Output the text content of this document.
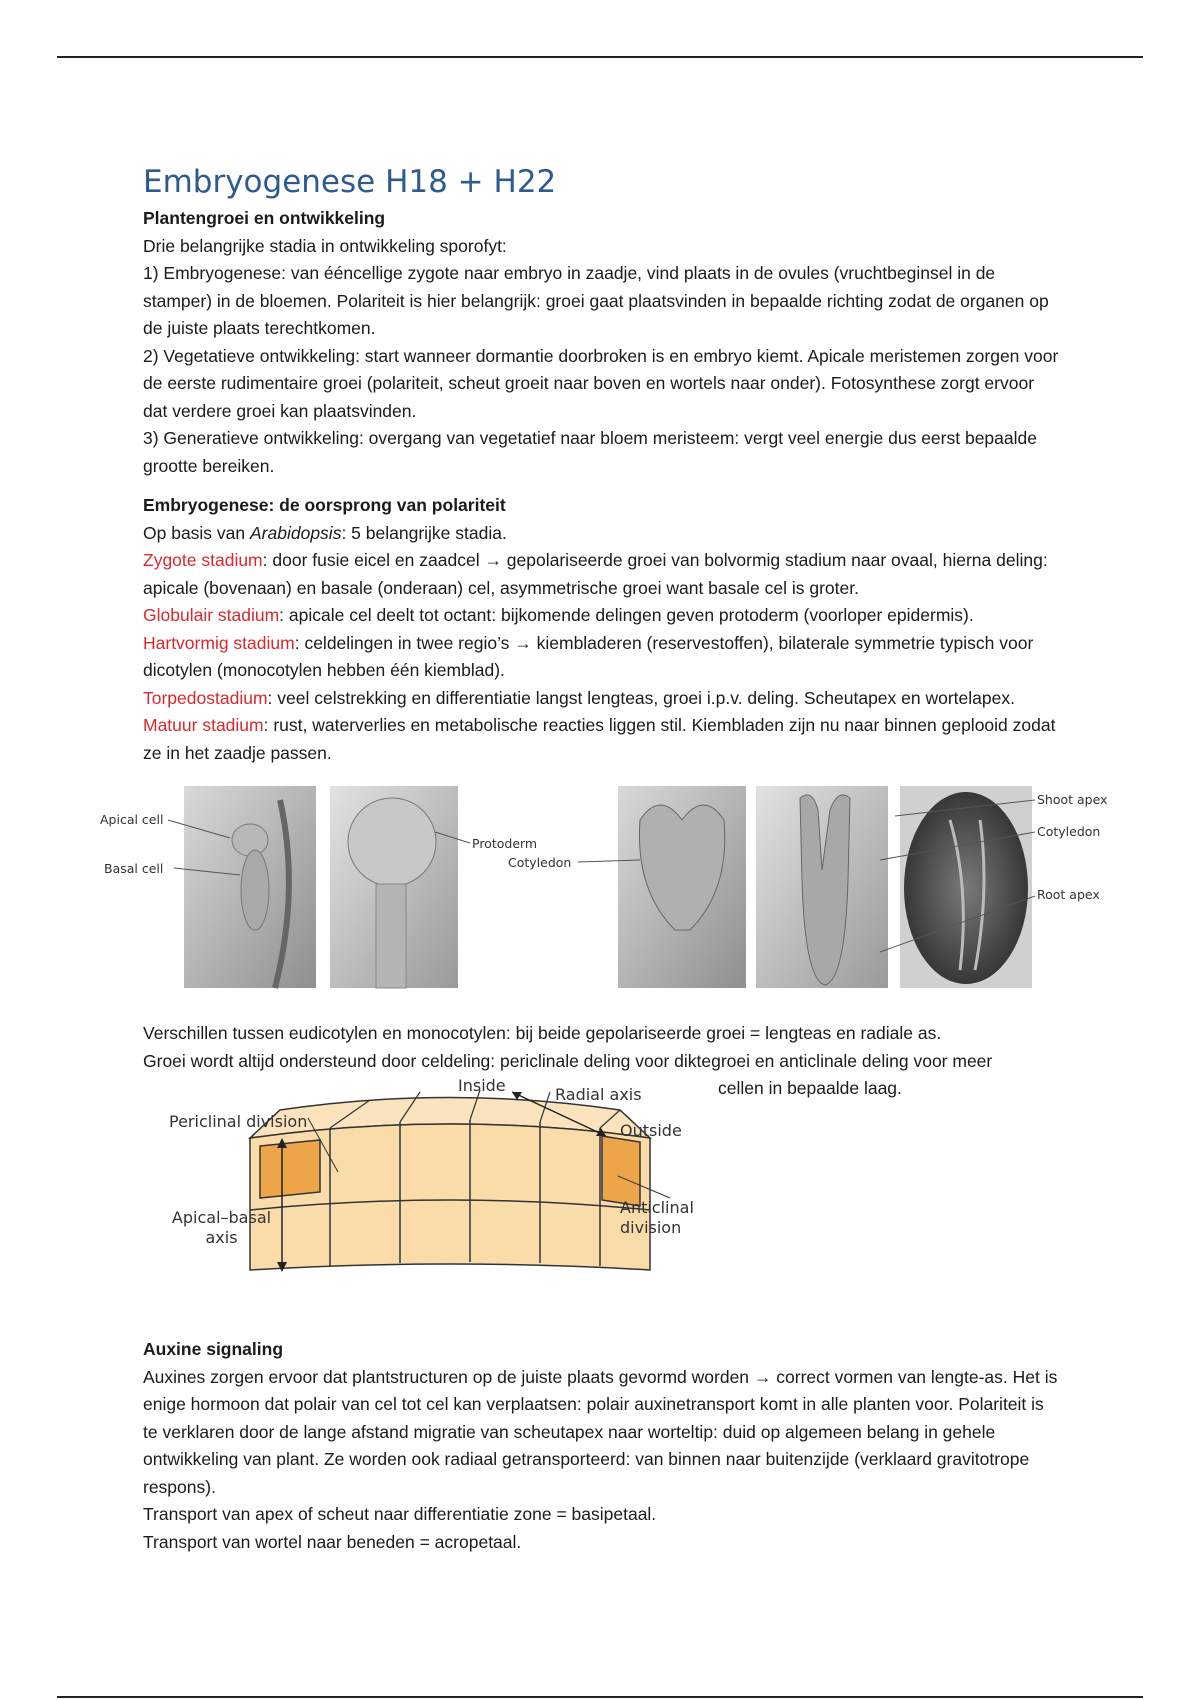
Embryogenese H18 + H22
Plantengroei en ontwikkeling

Drie belangrijke stadia in ontwikkeling sporofyt:

1) Embryogenese: van ééncellige zygote naar embryo in zaadje, vind plaats in de ovules (vruchtbeginsel in de stamper) in de bloemen. Polariteit is hier belangrijk: groei gaat plaatsvinden in bepaalde richting zodat de organen op de juiste plaats terechtkomen.

2) Vegetatieve ontwikkeling: start wanneer dormantie doorbroken is en embryo kiemt. Apicale meristemen zorgen voor de eerste rudimentaire groei (polariteit, scheut groeit naar boven en wortels naar onder). Fotosynthese zorgt ervoor dat verdere groei kan plaatsvinden.

3) Generatieve ontwikkeling: overgang van vegetatief naar bloem meristeem: vergt veel energie dus eerst bepaalde grootte bereiken.

Embryogenese: de oorsprong van polariteit

Op basis van Arabidopsis: 5 belangrijke stadia.

Zygote stadium: door fusie eicel en zaadcel → gepolariseerde groei van bolvormig stadium naar ovaal, hierna deling: apicale (bovenaan) en basale (onderaan) cel, asymmetrische groei want basale cel is groter.

Globulair stadium: apicale cel deelt tot octant: bijkomende delingen geven protoderm (voorloper epidermis).

Hartvormig stadium: celdelingen in twee regio’s → kiembladeren (reservestoffen), bilaterale symmetrie typisch voor dicotylen (monocotylen hebben één kiemblad).

Torpedostadium: veel celstrekking en differentiatie langst lengteas, groei i.p.v. deling. Scheutapex en wortelapex.

Matuur stadium: rust, waterverlies en metabolische reacties liggen stil. Kiembladen zijn nu naar binnen geplooid zodat ze in het zaadje passen.

Apical cell
Basal cell
Protoderm
Cotyledon
Shoot apex
Cotyledon
Root apex

Verschillen tussen eudicotylen en monocotylen: bij beide gepolariseerde groei = lengteas en radiale as.

Groei wordt altijd ondersteund door celdeling: periclinale deling voor diktegroei en anticlinale deling voor meer

cellen in bepaalde laag.

Inside	Radial axis
Outside
Periclinal division
Apical–basal
axis
Anticlinal
division
Auxine signaling

Auxines zorgen ervoor dat plantstructuren op de juiste plaats gevormd worden → correct vormen van lengte-as. Het is enige hormoon dat polair van cel tot cel kan verplaatsen: polair auxinetransport komt in alle planten voor. Polariteit is te verklaren door de lange afstand migratie van scheutapex naar worteltip: duid op algemeen belang in gehele ontwikkeling van plant. Ze worden ook radiaal getransporteerd: van binnen naar buitenzijde (verklaard gravitotrope respons).

Transport van apex of scheut naar differentiatie zone = basipetaal.

Transport van wortel naar beneden = acropetaal.
